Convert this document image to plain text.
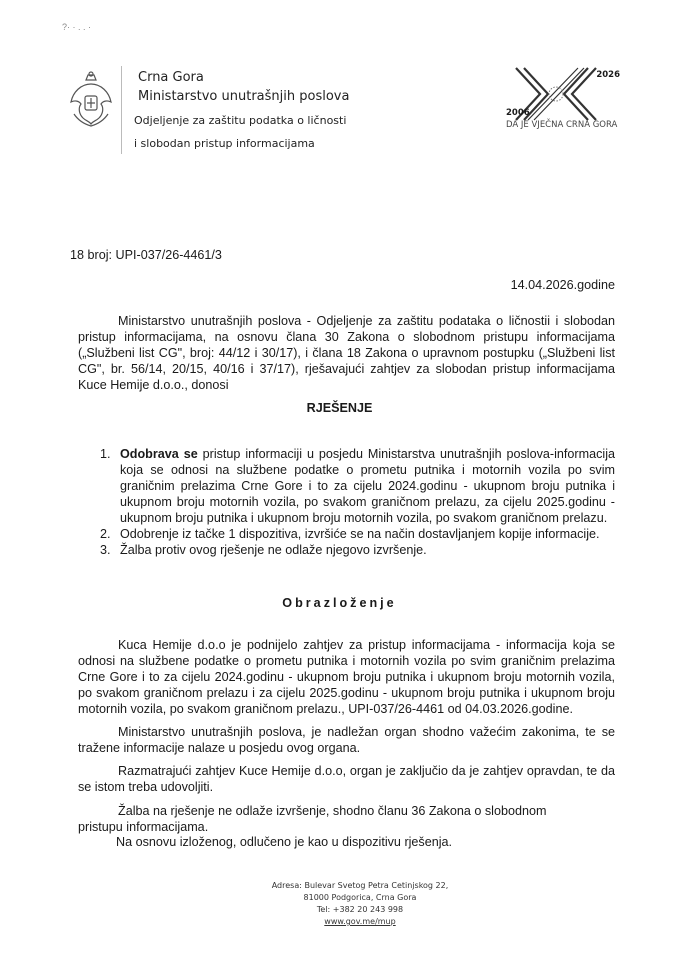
?· · . . ·
Crna Gora
Ministarstvo unutrašnjih poslova
Odjeljenje za zaštitu podatka o ličnosti
i slobodan pristup informacijama
2026
2006
DA JE VJEČNA CRNA GORA
18 broj: UPI-037/26-4461/3
14.04.2026.godine
Ministarstvo unutrašnjih poslova - Odjeljenje za zaštitu podataka o ličnostii i slobodan pristup informacijama, na osnovu člana 30 Zakona o slobodnom pristupu informacijama („Službeni list CG", broj: 44/12 i 30/17), i člana 18 Zakona o upravnom postupku („Službeni list CG", br. 56/14, 20/15, 40/16 i 37/17), rješavajući zahtjev za slobodan pristup informacijama Kuce Hemije d.o.o., donosi
RJEŠENJE
1. Odobrava se pristup informaciji u posjedu Ministarstva unutrašnjih poslova-informacija koja se odnosi na službene podatke o prometu putnika i motornih vozila po svim graničnim prelazima Crne Gore i to za cijelu 2024.godinu - ukupnom broju putnika i ukupnom broju motornih vozila, po svakom graničnom prelazu, za cijelu 2025.godinu - ukupnom broju putnika i ukupnom broju motornih vozila, po svakom graničnom prelazu.
2. Odobrenje iz tačke 1 dispozitiva, izvršiće se na način dostavljanjem kopije informacije.
3. Žalba protiv ovog rješenje ne odlaže njegovo izvršenje.
Obrazloženje
Kuca Hemije d.o.o je podnijelo zahtjev za pristup informacijama - informacija koja se odnosi na službene podatke o prometu putnika i motornih vozila po svim graničnim prelazima Crne Gore i to za cijelu 2024.godinu - ukupnom broju putnika i ukupnom broju motornih vozila, po svakom graničnom prelazu i za cijelu 2025.godinu - ukupnom broju putnika i ukupnom broju motornih vozila, po svakom graničnom prelazu., UPI-037/26-4461 od 04.03.2026.godine.
Ministarstvo unutrašnjih poslova, je nadležan organ shodno važećim zakonima, te se tražene informacije nalaze u posjedu ovog organa.
Razmatrajući zahtjev Kuce Hemije d.o.o, organ je zaključio da je zahtjev opravdan, te da se istom treba udovoljiti.
Žalba na rješenje ne odlaže izvršenje, shodno članu 36 Zakona o slobodnom pristupu informacijama.
Na osnovu izloženog, odlučeno je kao u dispozitivu rješenja.
Adresa: Bulevar Svetog Petra Cetinjskog 22,
81000 Podgorica, Crna Gora
Tel: +382 20 243 998
www.gov.me/mup
